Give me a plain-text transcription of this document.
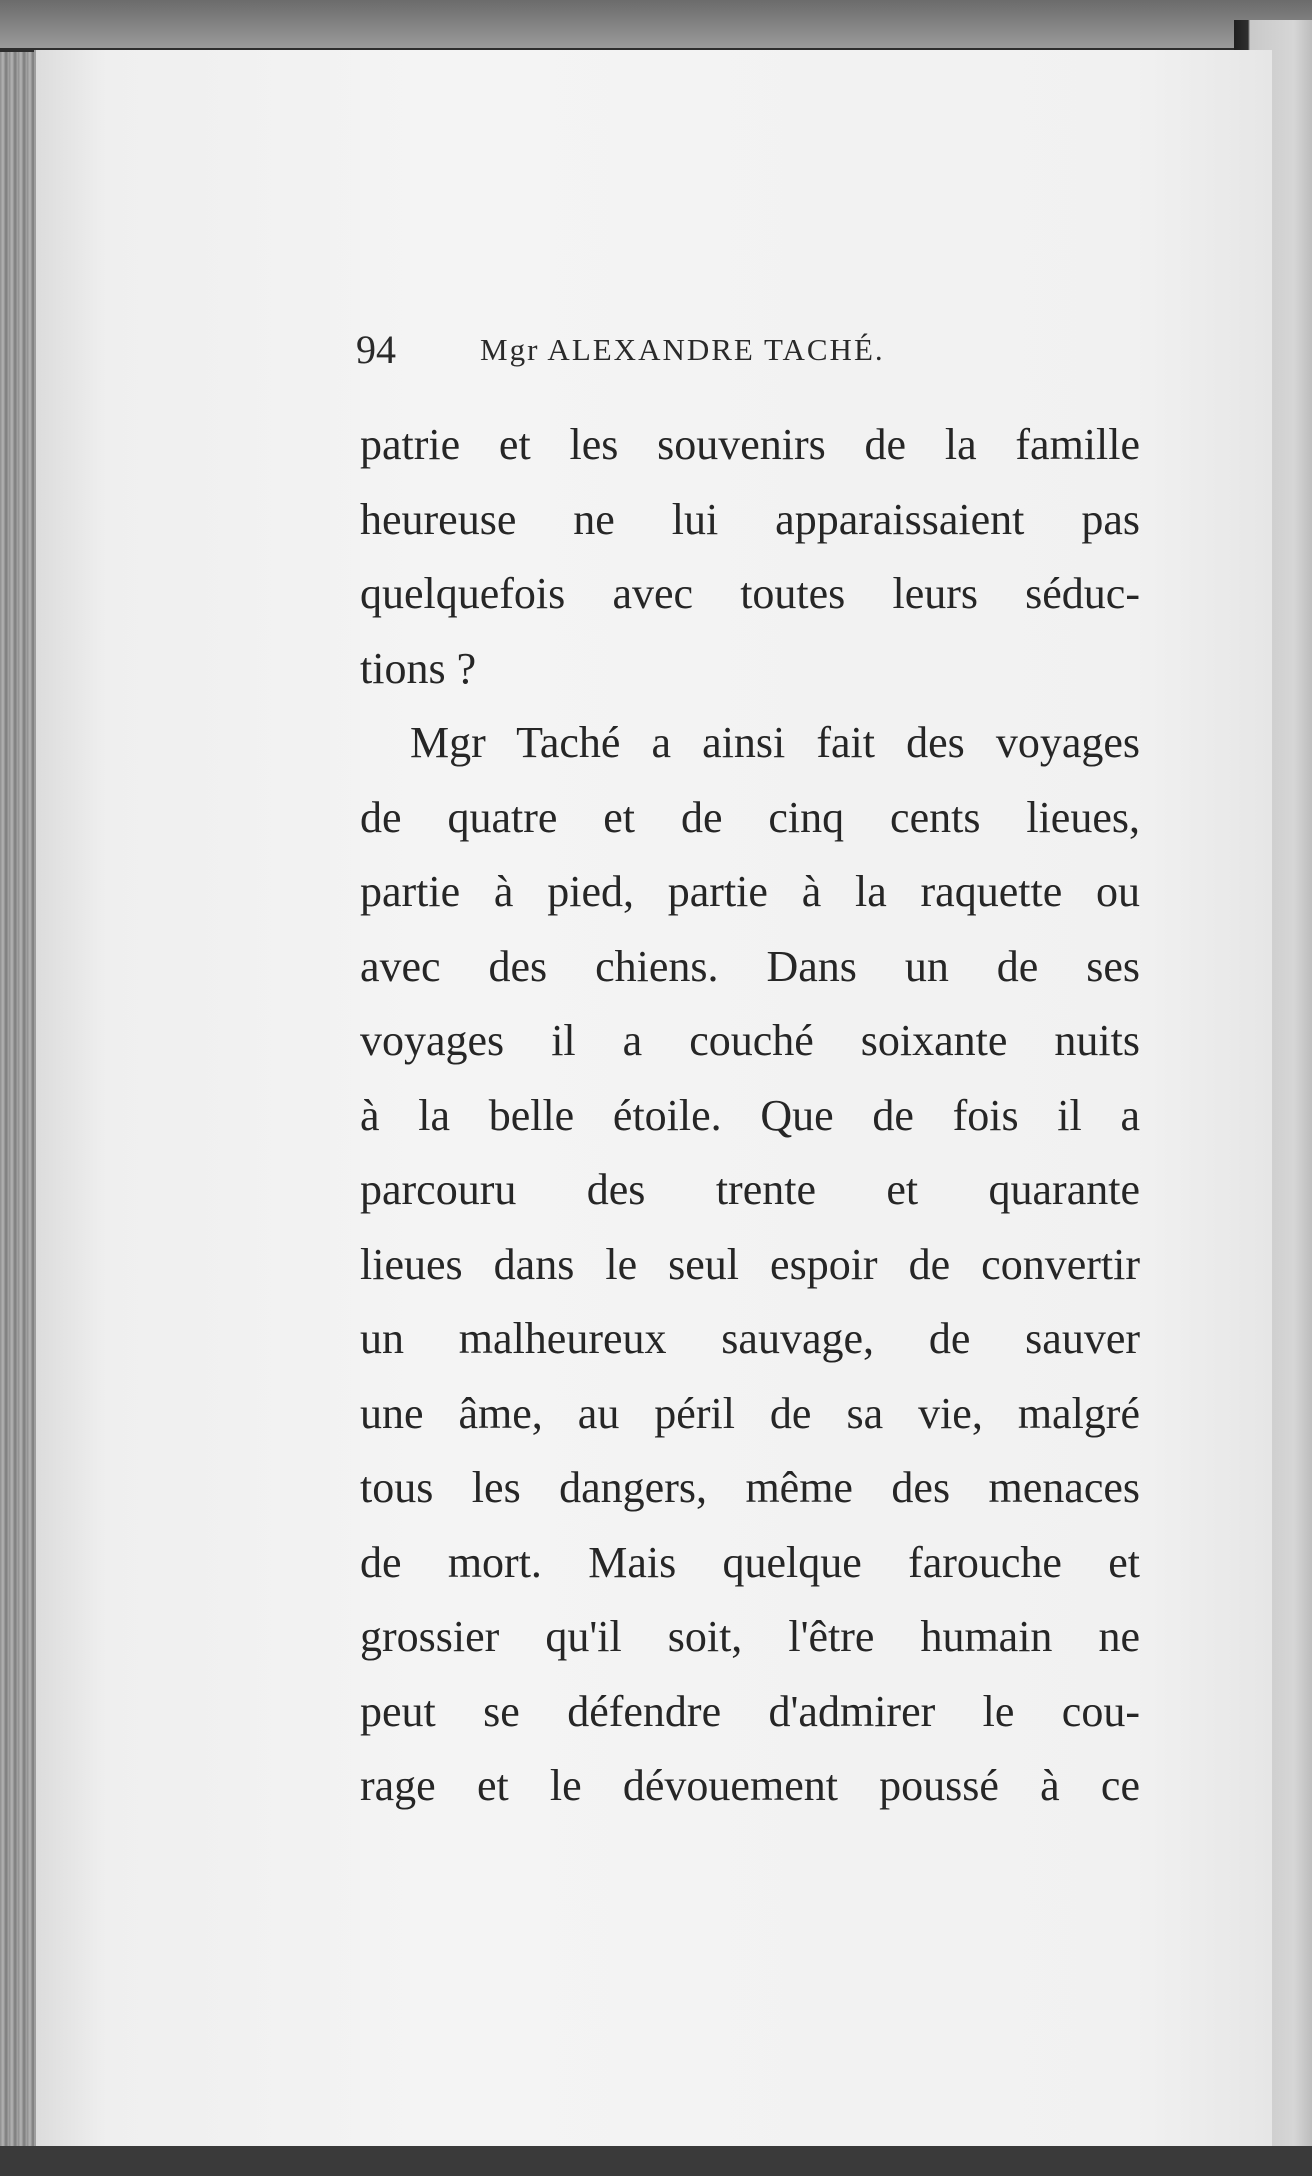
94	Mgr ALEXANDRE TACHÉ.
patrie et les souvenirs de la famille
heureuse ne lui apparaissaient pas
quelquefois avec toutes leurs séduc-
tions ?
Mgr Taché a ainsi fait des voyages
de quatre et de cinq cents lieues,
partie à pied, partie à la raquette ou
avec des chiens. Dans un de ses
voyages il a couché soixante nuits
à la belle étoile. Que de fois il a
parcouru des trente et quarante
lieues dans le seul espoir de convertir
un malheureux sauvage, de sauver
une âme, au péril de sa vie, malgré
tous les dangers, même des menaces
de mort. Mais quelque farouche et
grossier qu'il soit, l'être humain ne
peut se défendre d'admirer le cou-
rage et le dévouement poussé à ce
